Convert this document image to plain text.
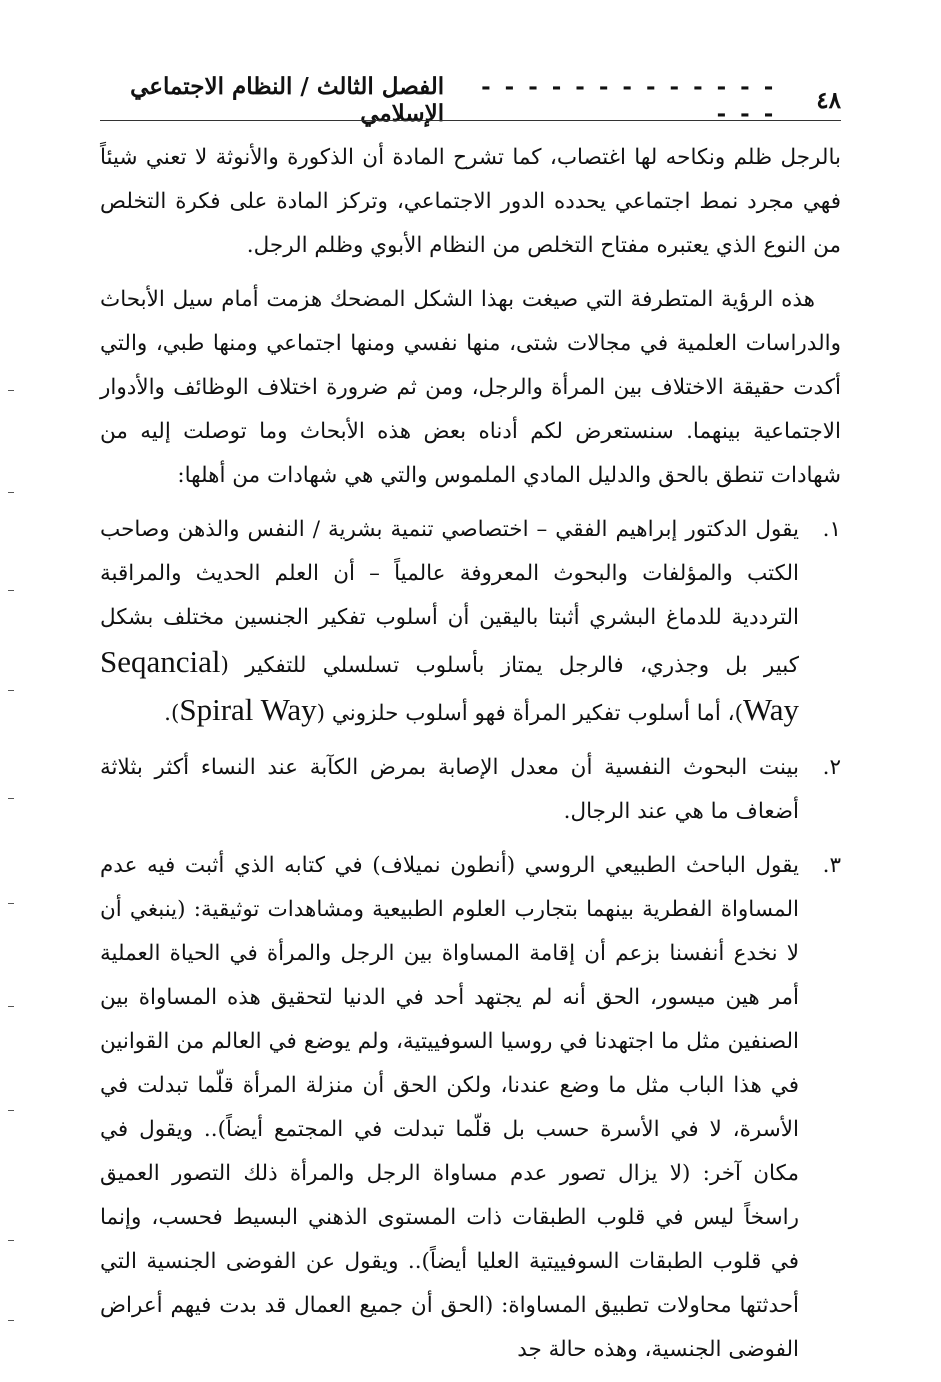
٤٨
- - - - - - - - - - - - - - - -
الفصل الثالث / النظام الاجتماعي الإسلامي

بالرجل ظلم ونكاحه لها اغتصاب، كما تشرح المادة أن الذكورة والأنوثة لا تعني شيئاً فهي مجرد نمط اجتماعي يحدده الدور الاجتماعي، وتركز المادة على فكرة التخلص من النوع الذي يعتبره مفتاح التخلص من النظام الأبوي وظلم الرجل.

هذه الرؤية المتطرفة التي صيغت بهذا الشكل المضحك هزمت أمام سيل الأبحاث والدراسات العلمية في مجالات شتى، منها نفسي ومنها اجتماعي ومنها طبي، والتي أكدت حقيقة الاختلاف بين المرأة والرجل، ومن ثم ضرورة اختلاف الوظائف والأدوار الاجتماعية بينهما. سنستعرض لكم أدناه بعض هذه الأبحاث وما توصلت إليه من شهادات تنطق بالحق والدليل المادي الملموس والتي هي شهادات من أهلها:

١.
يقول الدكتور إبراهيم الفقي – اختصاصي تنمية بشرية / النفس والذهن وصاحب الكتب والمؤلفات والبحوث المعروفة عالمياً – أن العلم الحديث والمراقبة الترددية للدماغ البشري أثبتا باليقين أن أسلوب تفكير الجنسين مختلف بشكل كبير بل وجذري، فالرجل يمتاز بأسلوب تسلسلي للتفكير (Seqancial Way)، أما أسلوب تفكير المرأة فهو أسلوب حلزوني (Spiral Way).
٢.
بينت البحوث النفسية أن معدل الإصابة بمرض الكآبة عند النساء أكثر بثلاثة أضعاف ما هي عند الرجال.
٣.
يقول الباحث الطبيعي الروسي (أنطون نميلاف) في كتابه الذي أثبت فيه عدم المساواة الفطرية بينهما بتجارب العلوم الطبيعية ومشاهدات توثيقية: (ينبغي أن لا نخدع أنفسنا بزعم أن إقامة المساواة بين الرجل والمرأة في الحياة العملية أمر هين ميسور، الحق أنه لم يجتهد أحد في الدنيا لتحقيق هذه المساواة بين الصنفين مثل ما اجتهدنا في روسيا السوفييتية، ولم يوضع في العالم من القوانين في هذا الباب مثل ما وضع عندنا، ولكن الحق أن منزلة المرأة قلّما تبدلت في الأسرة، لا في الأسرة حسب بل قلّما تبدلت في المجتمع أيضاً).. ويقول في مكان آخر: (لا يزال تصور عدم مساواة الرجل والمرأة ذلك التصور العميق راسخاً ليس في قلوب الطبقات ذات المستوى الذهني البسيط فحسب، وإنما في قلوب الطبقات السوفييتية العليا أيضاً).. ويقول عن الفوضى الجنسية التي أحدثتها محاولات تطبيق المساواة: (الحق أن جميع العمال قد بدت فيهم أعراض الفوضى الجنسية، وهذه حالة جد
